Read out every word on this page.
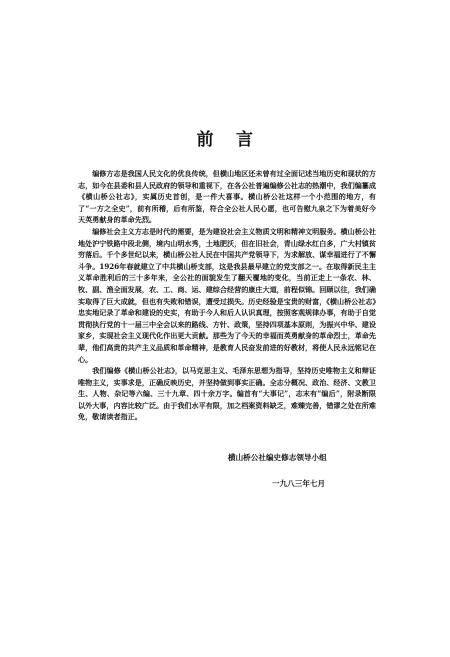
前 言

编修方志是我国人民文化的优良传统，但横山地区还未曾有过全面记述当地历史和现状的方志，如今在县委和县人民政府的领导和重视下，在各公社普遍编修公社志的热潮中，我们编纂成《横山桥公社志》，实属历史首创，是一件大喜事。横山桥公社这样一个小范围的地方，有了“一方之全史”，前有所稽，后有所鉴，符合全公社人民心愿，也可告慰九泉之下为着美好今天英勇献身的革命先烈。

编修社会主义方志是时代的需要，是为建设社会主义物质文明和精神文明服务。横山桥公社地处沪宁铁路中段北侧，境内山明水秀，土地肥沃，但在旧社会，青山绿水红白多，广大村镇贫穷落后。千个多世纪以来，横山桥公社人民在中国共产党领导下，为求解放、谋幸福进行了不懈斗争。1926年春就建立了中共横山桥支部，这是我县最早建立的党支部之一。在取得新民主主义革命胜利后的三十多年来，全公社的面貌发生了翻天覆地的变化，当前正走上一条农、林、牧、副、渔全面发展，农、工、商、运、建综合经营的康庄大道，前程似锦。回顾以往，我们确实取得了巨大成就，但也有失败和错误，遭受过损失。历史经验是宝贵的财富，《横山桥公社志》忠实地记录了革命和建设的史实，有助于今人和后人认识真理，按照客观规律办事，有助于自觉贯彻执行党的十一届三中全会以来的路线、方针、政策，坚持四项基本原则，为振兴中华、建设家乡，实现社会主义现代化作出更大贡献。那些为了今天的幸福而英勇献身的革命烈士，革命先辈，他们高贵的共产主义品质和革命精神，是教育人民奋发前进的好教材，将使人民永远铭记在心。

我们编修《横山桥公社志》，以马克思主义、毛泽东思想为指导，坚持历史唯物主义和辩证唯物主义，实事求是，正确反映历史，并坚持做到事实正确。全志分概况、政治、经济、文教卫生、人物、杂记等六编、三十九章、四十余万字。编首有“大事记”，志末有“编后”，附录断限以外大事，内容比较广泛。由于我们水平有限，加之档案资料缺乏，难臻完善，错谬之处在所难免，敬请读者指正。

横山桥公社编史修志领导小组
一九八三年七月
